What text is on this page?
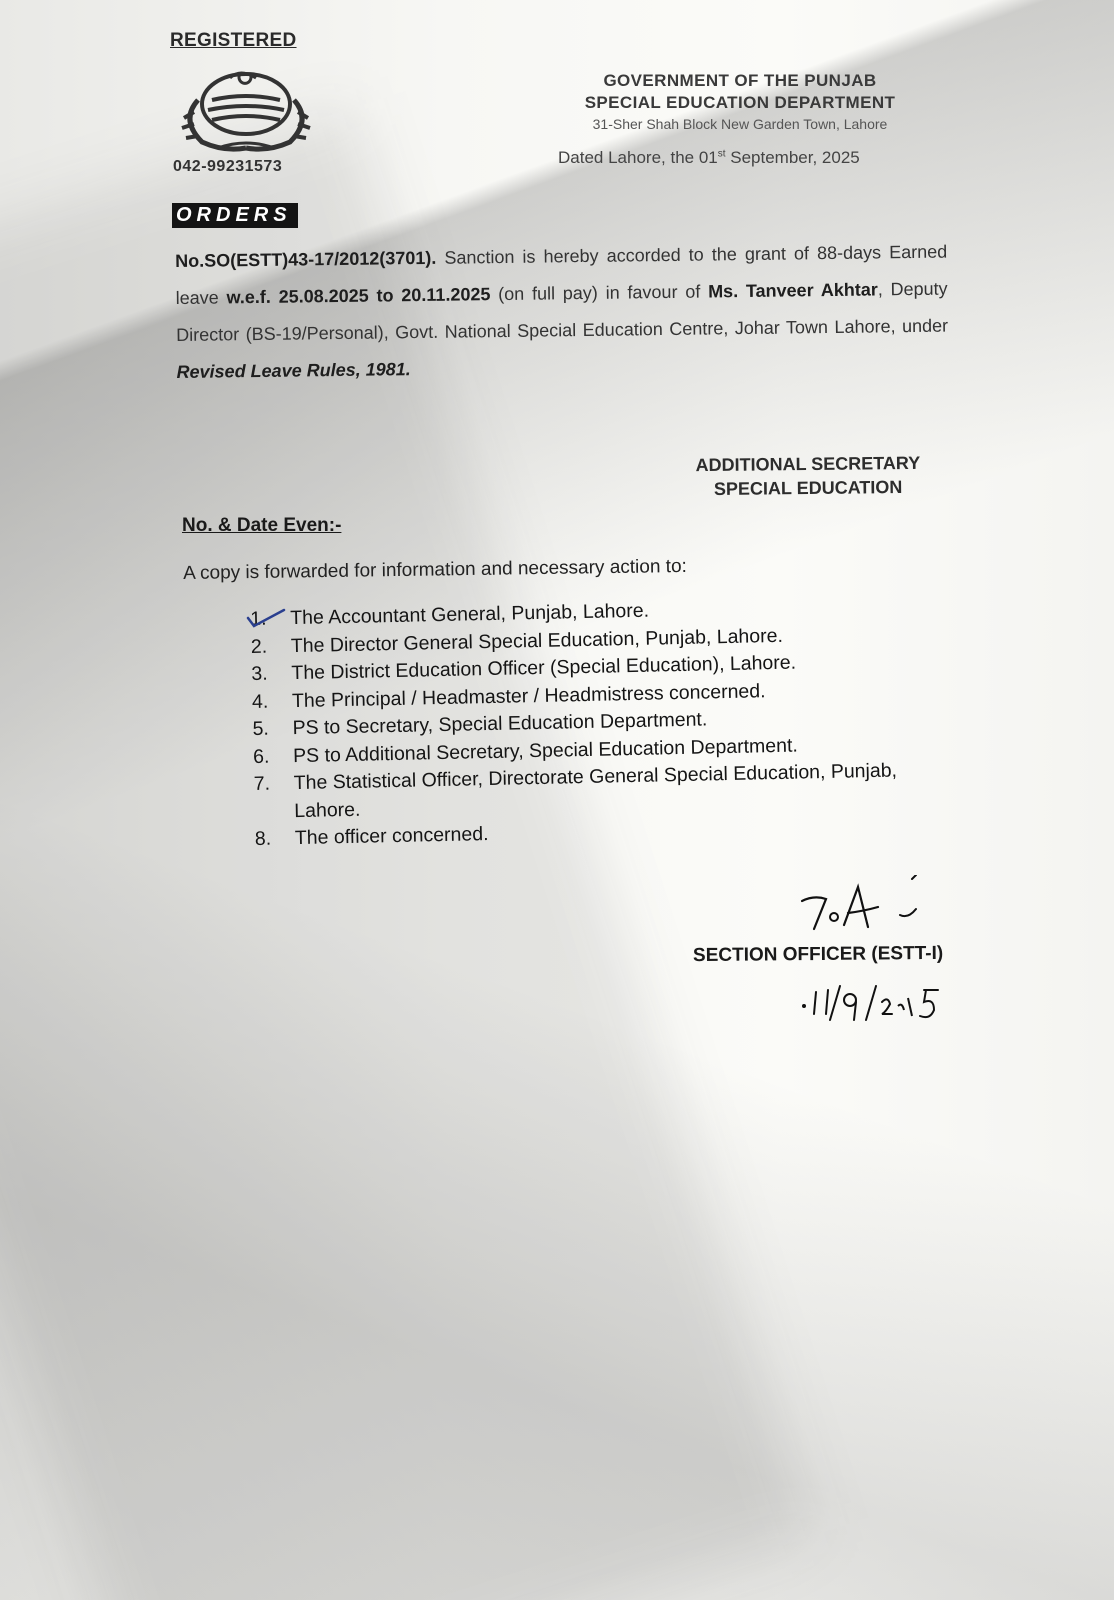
REGISTERED
042-99231573
GOVERNMENT OF THE PUNJAB
SPECIAL EDUCATION DEPARTMENT
31-Sher Shah Block New Garden Town, Lahore
Dated Lahore, the 01st September, 2025
ORDERS
No.SO(ESTT)43-17/2012(3701). Sanction is hereby accorded to the grant of 88-days Earned leave w.e.f. 25.08.2025 to 20.11.2025 (on full pay) in favour of Ms. Tanveer Akhtar, Deputy Director (BS-19/Personal), Govt. National Special Education Centre, Johar Town Lahore, under Revised Leave Rules, 1981.
ADDITIONAL SECRETARY
SPECIAL EDUCATION
No. & Date Even:-
A copy is forwarded for information and necessary action to:
1.	The Accountant General, Punjab, Lahore.
2.	The Director General Special Education, Punjab, Lahore.
3.	The District Education Officer (Special Education), Lahore.
4.	The Principal / Headmaster / Headmistress concerned.
5.	PS to Secretary, Special Education Department.
6.	PS to Additional Secretary, Special Education Department.
7.	The Statistical Officer, Directorate General Special Education, Punjab, Lahore.
8.	The officer concerned.
SECTION OFFICER (ESTT-I)
